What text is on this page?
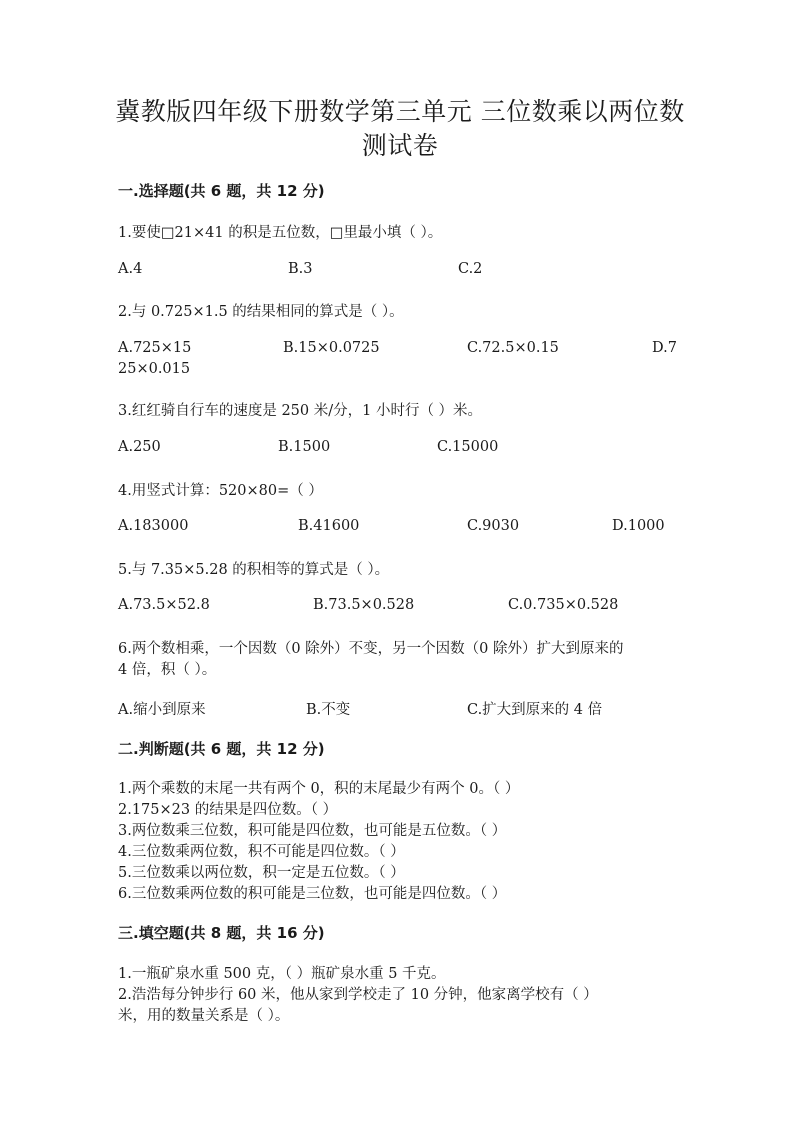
冀教版四年级下册数学第三单元 三位数乘以两位数
测试卷
一.选择题(共 6 题，共 12 分)
1.要使□21×41 的积是五位数，□里最小填（ ）。
A.4	B.3	C.2
2.与 0.725×1.5 的结果相同的算式是（ ）。
A.725×15	B.15×0.0725	C.72.5×0.15	D.7
25×0.015
3.红红骑自行车的速度是 250 米/分，1 小时行（ ）米。
A.250	B.1500	C.15000
4.用竖式计算：520×80=（ ）
A.183000	B.41600	C.9030	D.1000
5.与 7.35×5.28 的积相等的算式是（ ）。
A.73.5×52.8	B.73.5×0.528	C.0.735×0.528
6.两个数相乘，一个因数（0 除外）不变，另一个因数（0 除外）扩大到原来的
4 倍，积（ ）。
A.缩小到原来	B.不变	C.扩大到原来的 4 倍
二.判断题(共 6 题，共 12 分)
1.两个乘数的末尾一共有两个 0，积的末尾最少有两个 0。（ ）
2.175×23 的结果是四位数。（ ）
3.两位数乘三位数，积可能是四位数，也可能是五位数。（ ）
4.三位数乘两位数，积不可能是四位数。（ ）
5.三位数乘以两位数，积一定是五位数。（ ）
6.三位数乘两位数的积可能是三位数，也可能是四位数。（ ）
三.填空题(共 8 题，共 16 分)
1.一瓶矿泉水重 500 克，（ ）瓶矿泉水重 5 千克。
2.浩浩每分钟步行 60 米，他从家到学校走了 10 分钟，他家离学校有（ ）
米，用的数量关系是（ ）。
